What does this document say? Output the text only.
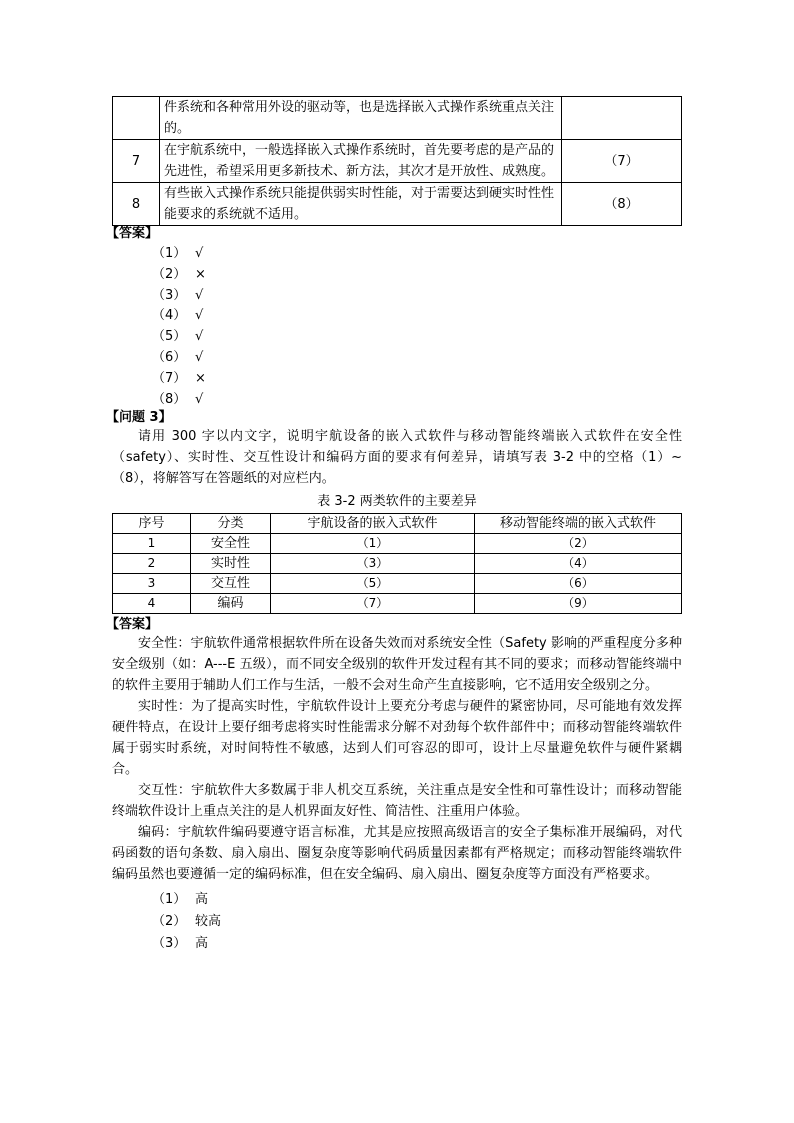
	件系统和各种常用外设的驱动等，也是选择嵌入式操作系统重点关注的。	
7	在宇航系统中，一般选择嵌入式操作系统时，首先要考虑的是产品的先进性，希望采用更多新技术、新方法，其次才是开放性、成熟度。	（7）
8	有些嵌入式操作系统只能提供弱实时性能，对于需要达到硬实时性性能要求的系统就不适用。	（8）
【答案】
（1） √
（2） ×
（3） √
（4） √
（5） √
（6） √
（7） ×
（8） √
【问题 3】

请用 300 字以内文字，说明宇航设备的嵌入式软件与移动智能终端嵌入式软件在安全性（safety）、实时性、交互性设计和编码方面的要求有何差异，请填写表 3-2 中的空格（1）~（8），将解答写在答题纸的对应栏内。

表 3-2 两类软件的主要差异
序号	分类	宇航设备的嵌入式软件	移动智能终端的嵌入式软件
1	安全性	（1）	（2）
2	实时性	（3）	（4）
3	交互性	（5）	（6）
4	编码	（7）	（9）
【答案】

安全性：宇航软件通常根据软件所在设备失效而对系统安全性（Safety 影响的严重程度分多种安全级别（如：A---E 五级），而不同安全级别的软件开发过程有其不同的要求；而移动智能终端中的软件主要用于辅助人们工作与生活，一般不会对生命产生直接影响，它不适用安全级别之分。

实时性：为了提高实时性，宇航软件设计上要充分考虑与硬件的紧密协同，尽可能地有效发挥硬件特点，在设计上要仔细考虑将实时性能需求分解不对劲每个软件部件中；而移动智能终端软件属于弱实时系统，对时间特性不敏感，达到人们可容忍的即可，设计上尽量避免软件与硬件紧耦合。

交互性：宇航软件大多数属于非人机交互系统，关注重点是安全性和可靠性设计；而移动智能终端软件设计上重点关注的是人机界面友好性、简洁性、注重用户体验。

编码：宇航软件编码要遵守语言标准，尤其是应按照高级语言的安全子集标准开展编码，对代码函数的语句条数、扇入扇出、圈复杂度等影响代码质量因素都有严格规定；而移动智能终端软件编码虽然也要遵循一定的编码标准，但在安全编码、扇入扇出、圈复杂度等方面没有严格要求。

（1） 高
（2） 较高
（3） 高
